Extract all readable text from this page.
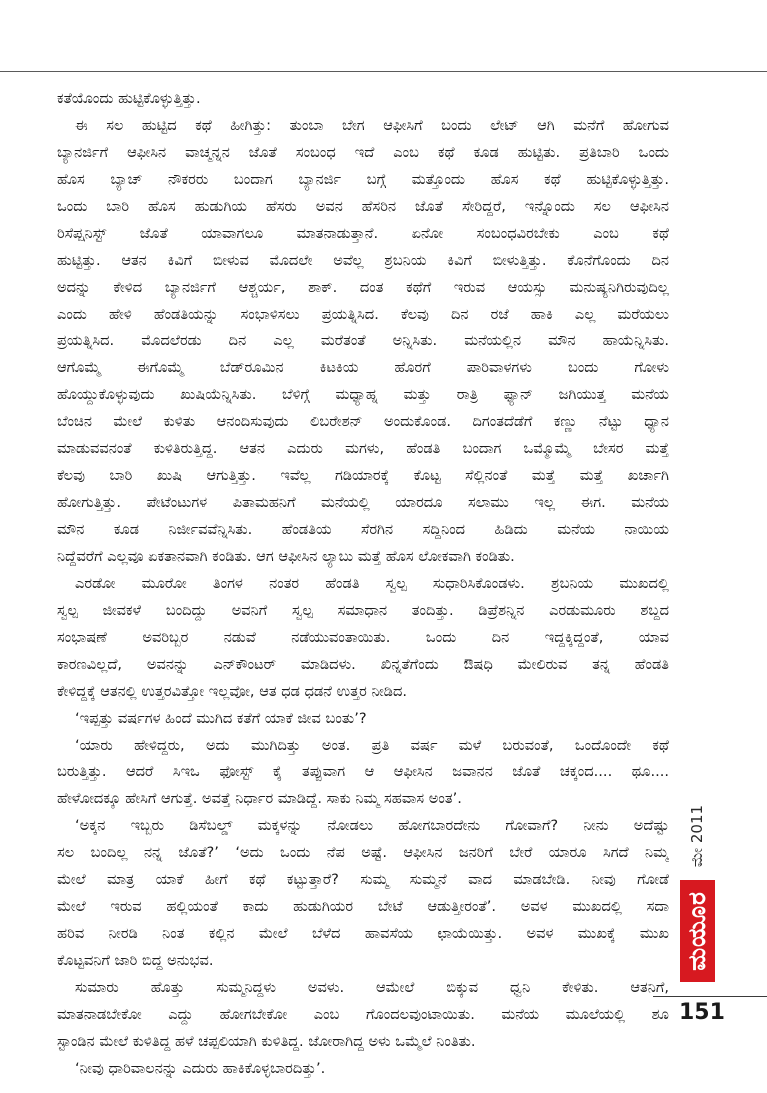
ಕತೆಯೊಂದು ಹುಟ್ಟಿಕೊಳ್ಳುತ್ತಿತ್ತು.
ಈ ಸಲ ಹುಟ್ಟಿದ ಕಥೆ ಹೀಗಿತ್ತು: ತುಂಬಾ ಬೇಗ ಆಫೀಸಿಗೆ ಬಂದು ಲೇಟ್ ಆಗಿ ಮನೆಗೆ ಹೋಗುವ
ಬ್ಯಾನರ್ಜಿಗೆ ಆಫೀಸಿನ ವಾಚ್ಮನ್ನನ ಜೊತೆ ಸಂಬಂಧ ಇದೆ ಎಂಬ ಕಥೆ ಕೂಡ ಹುಟ್ಟಿತು. ಪ್ರತಿಬಾರಿ ಒಂದು
ಹೊಸ ಬ್ಯಾಚ್ ನೌಕರರು ಬಂದಾಗ ಬ್ಯಾನರ್ಜಿ ಬಗ್ಗೆ ಮತ್ತೊಂದು ಹೊಸ ಕಥೆ ಹುಟ್ಟಿಕೊಳ್ಳುತ್ತಿತ್ತು.
ಒಂದು ಬಾರಿ ಹೊಸ ಹುಡುಗಿಯ ಹೆಸರು ಅವನ ಹೆಸರಿನ ಜೊತೆ ಸೇರಿದ್ದರೆ, ಇನ್ನೊಂದು ಸಲ ಆಫೀಸಿನ
ರಿಸೆಪ್ಷನಿಸ್ಟ್ ಜೊತೆ ಯಾವಾಗಲೂ ಮಾತನಾಡುತ್ತಾನೆ. ಏನೋ ಸಂಬಂಧವಿರಬೇಕು ಎಂಬ ಕಥೆ
ಹುಟ್ಟಿತ್ತು. ಆತನ ಕಿವಿಗೆ ಬೀಳುವ ಮೊದಲೇ ಅವೆಲ್ಲ ಶ್ರಬನಿಯ ಕಿವಿಗೆ ಬೀಳುತ್ತಿತ್ತು. ಕೊನೆಗೊಂದು ದಿನ
ಅದನ್ನು ಕೇಳಿದ ಬ್ಯಾನರ್ಜಿಗೆ ಆಶ್ಚರ್ಯ, ಶಾಕ್. ದಂತ ಕಥೆಗೆ ಇರುವ ಆಯಸ್ಸು ಮನುಷ್ಯನಿಗಿರುವುದಿಲ್ಲ
ಎಂದು ಹೇಳಿ ಹೆಂಡತಿಯನ್ನು ಸಂಭಾಳಿಸಲು ಪ್ರಯತ್ನಿಸಿದ. ಕೆಲವು ದಿನ ರಜೆ ಹಾಕಿ ಎಲ್ಲ ಮರೆಯಲು
ಪ್ರಯತ್ನಿಸಿದ. ಮೊದಲೆರಡು ದಿನ ಎಲ್ಲ ಮರೆತಂತೆ ಅನ್ನಿಸಿತು. ಮನೆಯಲ್ಲಿನ ಮೌನ ಹಾಯೆನ್ನಿಸಿತು.
ಆಗೊಮ್ಮೆ ಈಗೊಮ್ಮೆ ಬೆಡ್‌ರೂಮಿನ ಕಿಟಕಿಯ ಹೊರಗೆ ಪಾರಿವಾಳಗಳು ಬಂದು ಗೋಳು
ಹೊಯ್ದುಕೊಳ್ಳುವುದು ಖುಷಿಯೆನ್ನಿಸಿತು. ಬೆಳಿಗ್ಗೆ ಮಧ್ಯಾಹ್ನ ಮತ್ತು ರಾತ್ರಿ ಫ್ಯಾನ್ ಜಗಿಯುತ್ತ ಮನೆಯ
ಬೆಂಚಿನ ಮೇಲೆ ಕುಳಿತು ಆನಂದಿಸುವುದು ಲಿಬರೇಶನ್ ಅಂದುಕೊಂಡ. ದಿಗಂತದೆಡೆಗೆ ಕಣ್ಣು ನೆಟ್ಟು ಧ್ಯಾನ
ಮಾಡುವವನಂತೆ ಕುಳಿತಿರುತ್ತಿದ್ದ. ಆತನ ಎದುರು ಮಗಳು, ಹೆಂಡತಿ ಬಂದಾಗ ಒಮ್ಮೊಮ್ಮೆ ಬೇಸರ ಮತ್ತೆ
ಕೆಲವು ಬಾರಿ ಖುಷಿ ಆಗುತ್ತಿತ್ತು. ಇವೆಲ್ಲ ಗಡಿಯಾರಕ್ಕೆ ಕೊಟ್ಟ ಸೆಲ್ಲಿನಂತೆ ಮತ್ತೆ ಮತ್ತೆ ಖರ್ಚಾಗಿ
ಹೋಗುತ್ತಿತ್ತು. ಪೇಟೆಂಟುಗಳ ಪಿತಾಮಹನಿಗೆ ಮನೆಯಲ್ಲಿ ಯಾರದೂ ಸಲಾಮು ಇಲ್ಲ ಈಗ. ಮನೆಯ
ಮೌನ ಕೂಡ ನಿರ್ಜೀವವೆನ್ನಿಸಿತು. ಹೆಂಡತಿಯ ಸೆರಗಿನ ಸದ್ದಿನಿಂದ ಹಿಡಿದು ಮನೆಯ ನಾಯಿಯ
ನಿದ್ದೆವರೆಗೆ ಎಲ್ಲವೂ ಏಕತಾನವಾಗಿ ಕಂಡಿತು. ಆಗ ಆಫೀಸಿನ ಲ್ಯಾಬು ಮತ್ತೆ ಹೊಸ ಲೋಕವಾಗಿ ಕಂಡಿತು.
ಎರಡೋ ಮೂರೋ ತಿಂಗಳ ನಂತರ ಹೆಂಡತಿ ಸ್ವಲ್ಪ ಸುಧಾರಿಸಿಕೊಂಡಳು. ಶ್ರಬನಿಯ ಮುಖದಲ್ಲಿ
ಸ್ವಲ್ಪ ಜೀವಕಳೆ ಬಂದಿದ್ದು ಅವನಿಗೆ ಸ್ವಲ್ಪ ಸಮಾಧಾನ ತಂದಿತ್ತು. ಡಿಪ್ರೆಶನ್ನಿನ ಎರಡುಮೂರು ಶಬ್ದದ
ಸಂಭಾಷಣೆ ಅವರಿಬ್ಬರ ನಡುವೆ ನಡೆಯುವಂತಾಯಿತು. ಒಂದು ದಿನ ಇದ್ದಕ್ಕಿದ್ದಂತೆ, ಯಾವ
ಕಾರಣವಿಲ್ಲದೆ, ಅವನನ್ನು ಎನ್‌ಕೌಂಟರ್ ಮಾಡಿದಳು. ಖಿನ್ನತೆಗೆಂದು ಔಷಧಿ ಮೇಲಿರುವ ತನ್ನ ಹೆಂಡತಿ
ಕೇಳಿದ್ದಕ್ಕೆ ಆತನಲ್ಲಿ ಉತ್ತರವಿತ್ತೋ ಇಲ್ಲವೋ, ಆತ ಧಡ ಧಡನೆ ಉತ್ತರ ನೀಡಿದ.
‘ಇಪ್ಪತ್ತು ವರ್ಷಗಳ ಹಿಂದೆ ಮುಗಿದ ಕತೆಗೆ ಯಾಕೆ ಜೀವ ಬಂತು’?
‘ಯಾರು ಹೇಳಿದ್ದರು, ಅದು ಮುಗಿದಿತ್ತು ಅಂತ. ಪ್ರತಿ ವರ್ಷ ಮಳೆ ಬರುವಂತೆ, ಒಂದೊಂದೇ ಕಥೆ
ಬರುತ್ತಿತ್ತು. ಆದರೆ ಸಿಇಒ ಫೋಸ್ಟ್ ಕೈ ತಪ್ಪುವಾಗ ಆ ಆಫೀಸಿನ ಜವಾನನ ಜೊತೆ ಚಕ್ಕಂದ.... ಥೂ....
ಹೇಳೋದಕ್ಕೂ ಹೇಸಿಗೆ ಆಗುತ್ತೆ. ಅವತ್ತೆ ನಿರ್ಧಾರ ಮಾಡಿದ್ದೆ. ಸಾಕು ನಿಮ್ಮ ಸಹವಾಸ ಅಂತ’.
‘ಅಕ್ಕನ ಇಬ್ಬರು ಡಿಸೆಬಲ್ಡ್ ಮಕ್ಕಳನ್ನು ನೋಡಲು ಹೋಗಬಾರದೇನು ಗೋವಾಗೆ? ನೀನು ಅದೆಷ್ಟು
ಸಲ ಬಂದಿಲ್ಲ ನನ್ನ ಜೊತೆ?’ ‘ಅದು ಒಂದು ನೆಪ ಅಷ್ಟೆ. ಆಫೀಸಿನ ಜನರಿಗೆ ಬೇರೆ ಯಾರೂ ಸಿಗದೆ ನಿಮ್ಮ
ಮೇಲೆ ಮಾತ್ರ ಯಾಕೆ ಹೀಗೆ ಕಥೆ ಕಟ್ಟುತ್ತಾರೆ? ಸುಮ್ಮ ಸುಮ್ಮನೆ ವಾದ ಮಾಡಬೇಡಿ. ನೀವು ಗೋಡೆ
ಮೇಲೆ ಇರುವ ಹಲ್ಲಿಯಂತೆ ಕಾದು ಹುಡುಗಿಯರ ಬೇಟೆ ಆಡುತ್ತೀರಂತೆ’. ಅವಳ ಮುಖದಲ್ಲಿ ಸದಾ
ಹರಿವ ನೀರಡಿ ನಿಂತ ಕಲ್ಲಿನ ಮೇಲೆ ಬೆಳೆದ ಹಾವಸೆಯ ಛಾಯೆಯಿತ್ತು. ಅವಳ ಮುಖಕ್ಕೆ ಮುಖ
ಕೊಟ್ಟವನಿಗೆ ಜಾರಿ ಬಿದ್ದ ಅನುಭವ.
ಸುಮಾರು ಹೊತ್ತು ಸುಮ್ಮನಿದ್ದಳು ಅವಳು. ಆಮೇಲೆ ಬಿಕ್ಕುವ ಧ್ವನಿ ಕೇಳಿತು. ಆತನಿಗೆ,
ಮಾತನಾಡಬೇಕೋ ಎದ್ದು ಹೋಗಬೇಕೋ ಎಂಬ ಗೊಂದಲವುಂಟಾಯಿತು. ಮನೆಯ ಮೂಲೆಯಲ್ಲಿ ಶೂ
ಸ್ಟಾಂಡಿನ ಮೇಲೆ ಕುಳಿತಿದ್ದ ಹಳೆ ಚಪ್ಪಲಿಯಾಗಿ ಕುಳಿತಿದ್ದ. ಜೋರಾಗಿದ್ದ ಅಳು ಒಮ್ಮೆಲೆ ನಿಂತಿತು.
‘ನೀವು ಧಾರಿವಾಲನನ್ನು ಎದುರು ಹಾಕಿಕೊಳ್ಳಬಾರದಿತ್ತು’.
ಮೇ 2011
ಮಯೂರ
151
